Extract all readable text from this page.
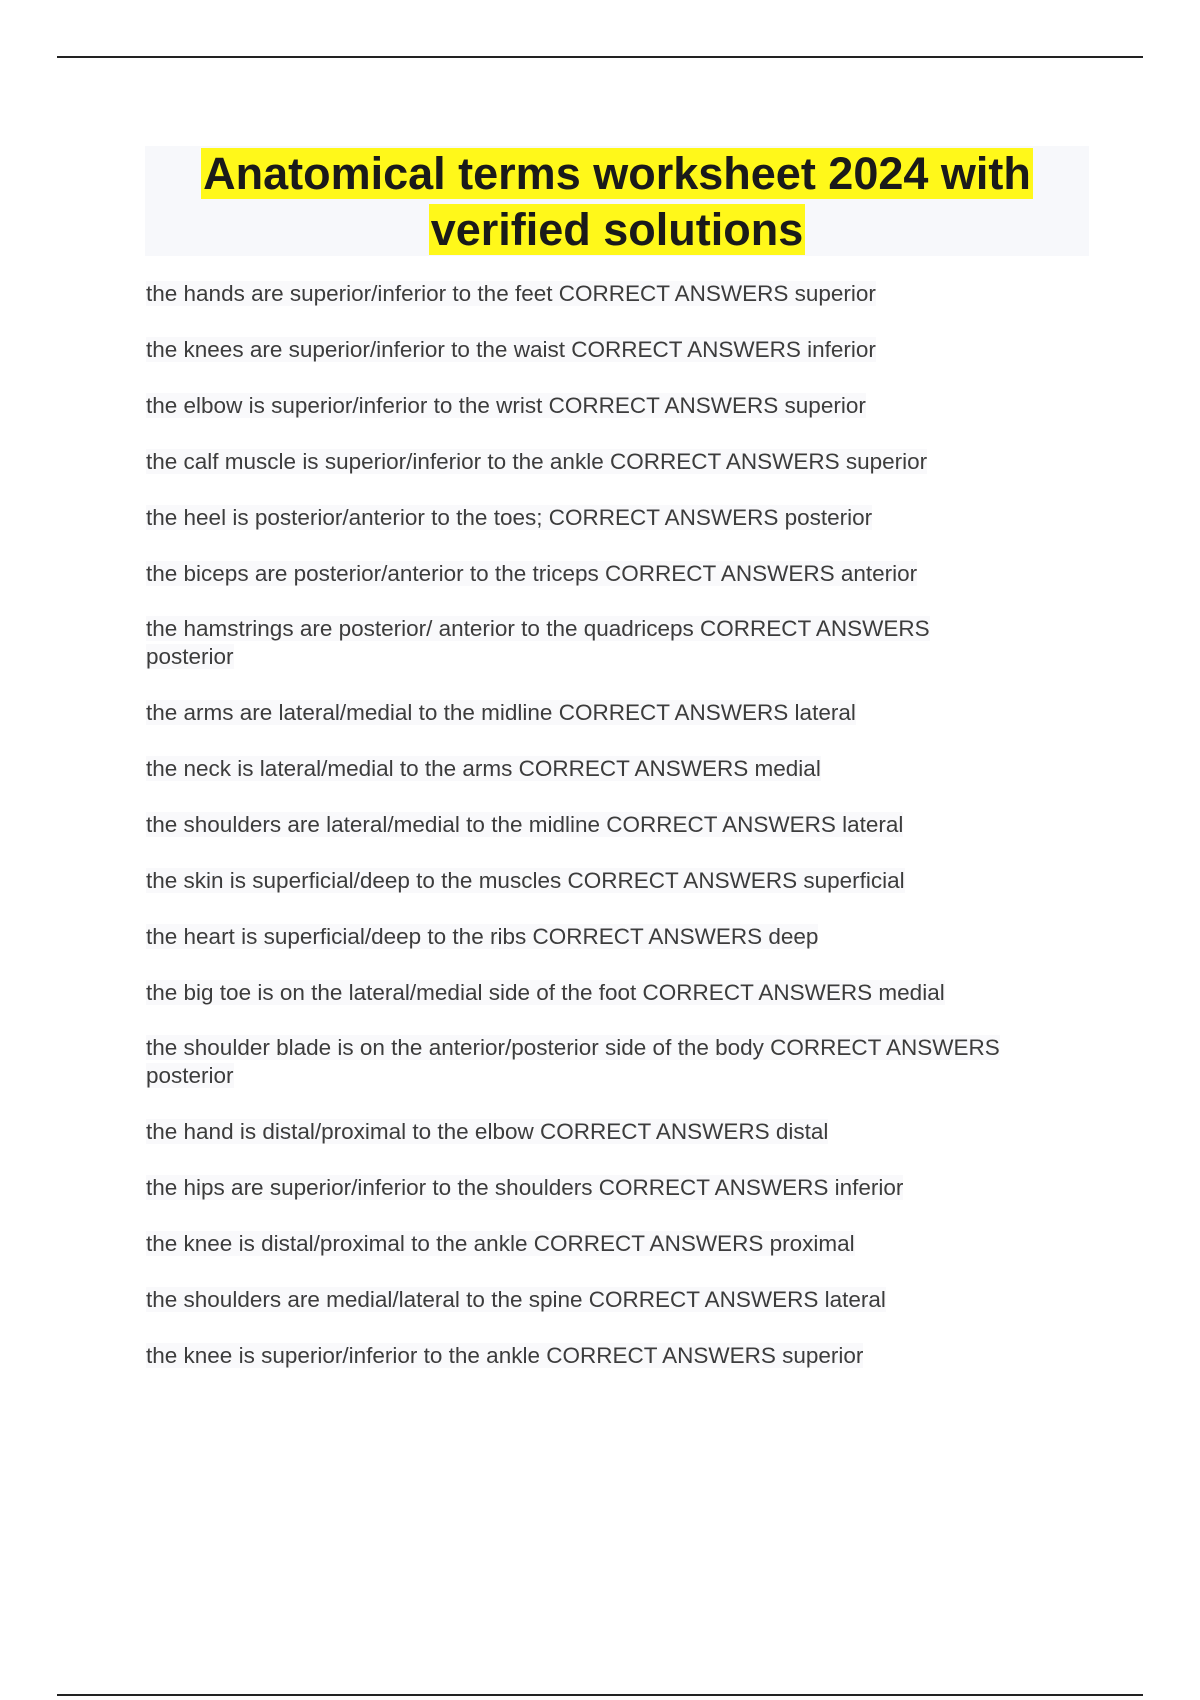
Anatomical terms worksheet 2024 with
verified solutions
the hands are superior/inferior to the feet CORRECT ANSWERS superior
the knees are superior/inferior to the waist CORRECT ANSWERS inferior
the elbow is superior/inferior to the wrist CORRECT ANSWERS superior
the calf muscle is superior/inferior to the ankle CORRECT ANSWERS superior
the heel is posterior/anterior to the toes; CORRECT ANSWERS posterior
the biceps are posterior/anterior to the triceps CORRECT ANSWERS anterior
the hamstrings are posterior/ anterior to the quadriceps CORRECT ANSWERS posterior
the arms are lateral/medial to the midline CORRECT ANSWERS lateral
the neck is lateral/medial to the arms CORRECT ANSWERS medial
the shoulders are lateral/medial to the midline CORRECT ANSWERS lateral
the skin is superficial/deep to the muscles CORRECT ANSWERS superficial
the heart is superficial/deep to the ribs CORRECT ANSWERS deep
the big toe is on the lateral/medial side of the foot CORRECT ANSWERS medial
the shoulder blade is on the anterior/posterior side of the body CORRECT ANSWERS posterior
the hand is distal/proximal to the elbow CORRECT ANSWERS distal
the hips are superior/inferior to the shoulders CORRECT ANSWERS inferior
the knee is distal/proximal to the ankle CORRECT ANSWERS proximal
the shoulders are medial/lateral to the spine CORRECT ANSWERS lateral
the knee is superior/inferior to the ankle CORRECT ANSWERS superior
